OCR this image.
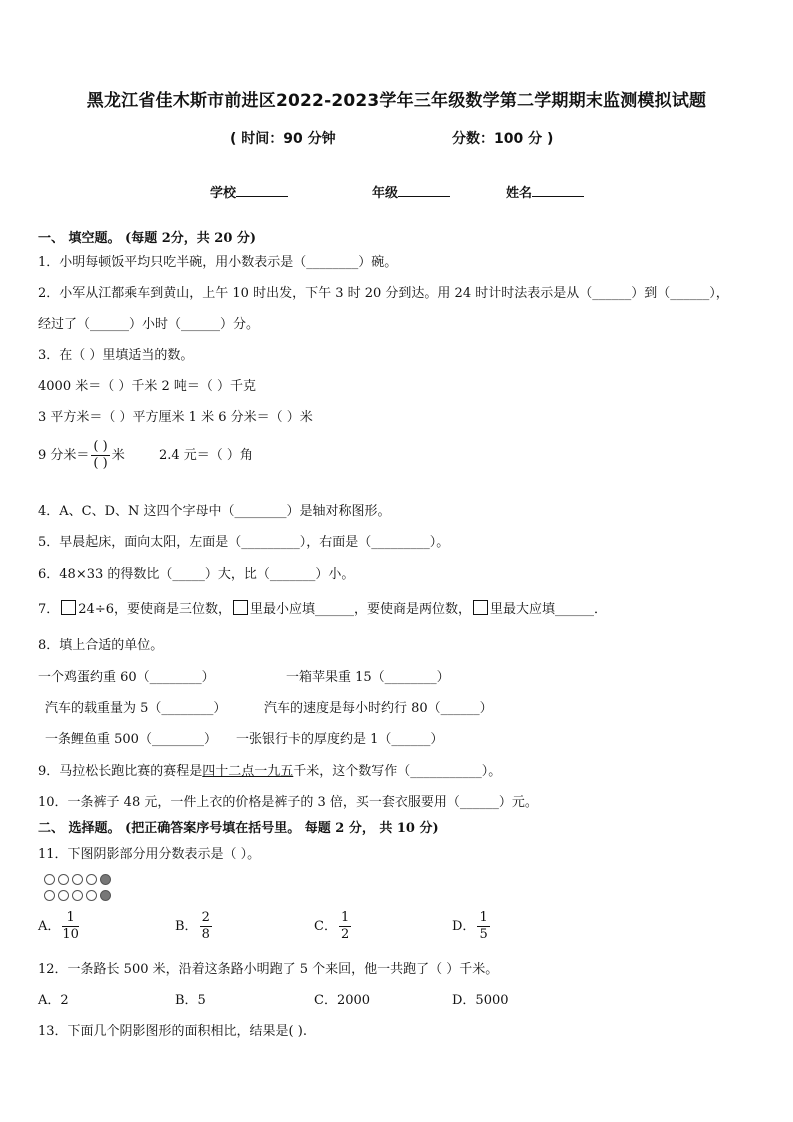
黑龙江省佳木斯市前进区2022-2023学年三年级数学第二学期期末监测模拟试题
( 时间：90 分钟	分数：100 分 )
学校	年级	姓名
一、 填空题。 (每题 2分，共 20 分)
1．小明每顿饭平均只吃半碗，用小数表示是（________）碗。
2．小军从江都乘车到黄山，上午 10 时出发，下午 3 时 20 分到达。用 24 时计时法表示是从（______）到（______），
经过了（______）小时（______）分。
3．在（ ）里填适当的数。
4000 米＝（ ）千米 2 吨＝（ ）千克
3 平方米＝（ ）平方厘米 1 米 6 分米＝（ ）米
9 分米＝ $\frac{( )}{( )}$ 米	2.4 元＝（ ）角
4．A、C、D、N 这四个字母中（________）是轴对称图形。
5．早晨起床，面向太阳，左面是（_________），右面是（_________）。
6．48×33 的得数比（_____）大，比（_______）小。
7． 24÷6，要使商是三位数， 里最小应填______，要使商是两位数， 里最大应填______．
8．填上合适的单位。
一个鸡蛋约重 60（________）	一箱苹果重 15（________）
汽车的载重量为 5（________）	汽车的速度是每小时约行 80（______）
一条鲤鱼重 500（________） 一张银行卡的厚度约是 1（______）
9．马拉松长跑比赛的赛程是四十二点一九五千米，这个数写作（___________）。
10．一条裤子 48 元，一件上衣的价格是裤子的 3 倍，买一套衣服要用（______）元。
二、 选择题。 (把正确答案序号填在括号里。 每题 2 分， 共 10 分)
11．下图阴影部分用分数表示是（ ）。
A． $\frac{1}{10}$	B． $\frac{2}{8}$	C． $\frac{1}{2}$	D． $\frac{1}{5}$
12．一条路长 500 米，沿着这条路小明跑了 5 个来回，他一共跑了（ ）千米。
A．2	B．5	C．2000	D．5000
13．下面几个阴影图形的面积相比，结果是( ).
